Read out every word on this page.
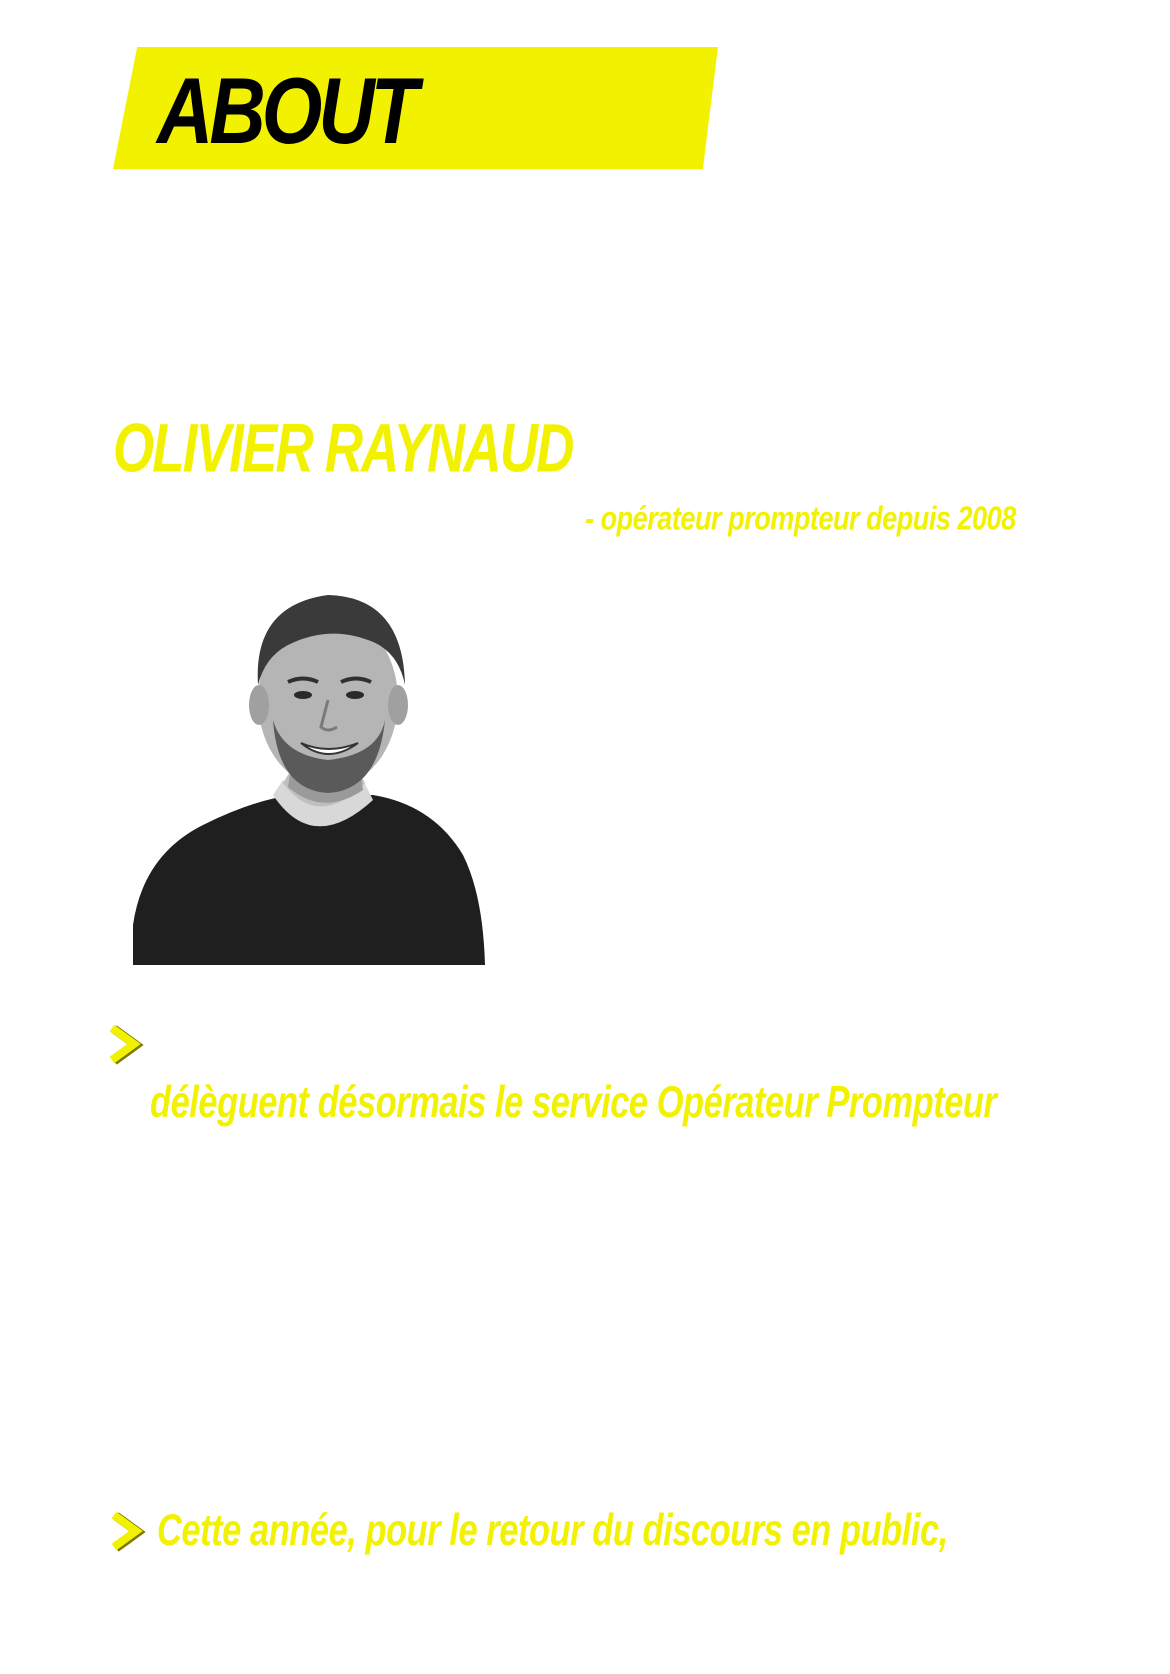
ABOUT
OLIVIER RAYNAUD
- opérateur prompteur depuis 2008
délèguent désormais le service Opérateur Prompteur
Cette année, pour le retour du discours en public,
